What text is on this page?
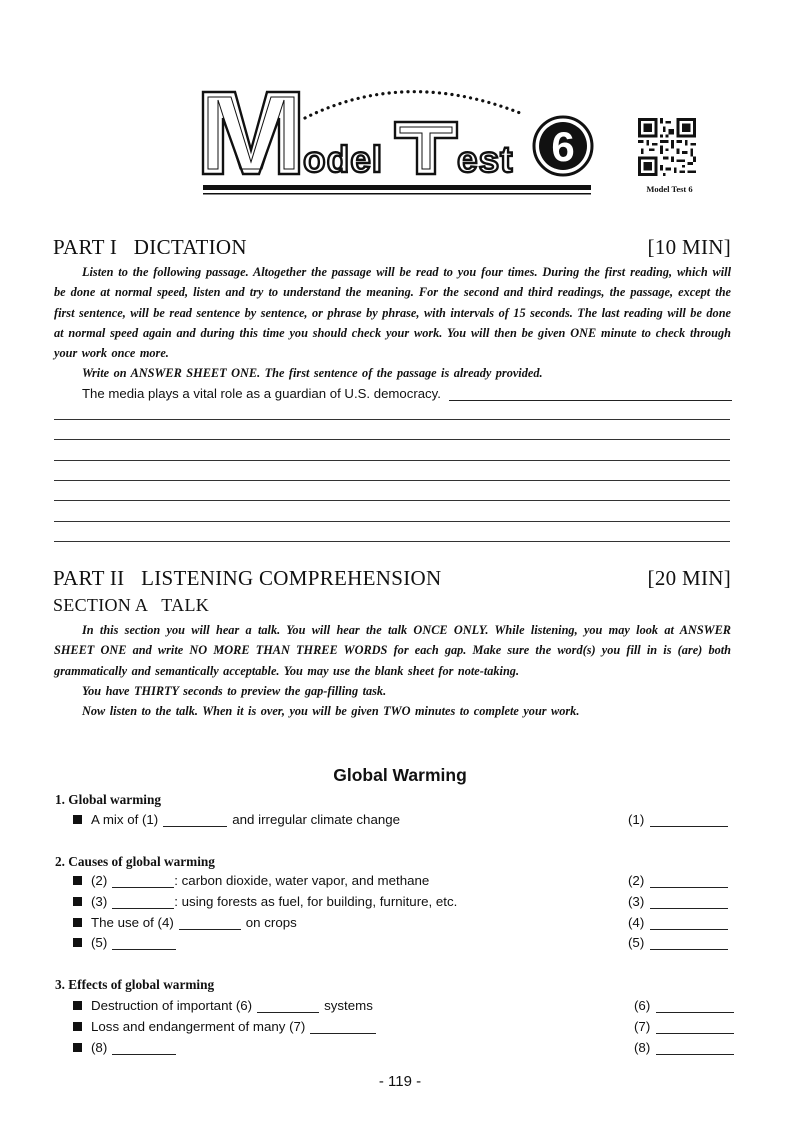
odel est 6
Model Test 6
PART I   DICTATION	[10 MIN]

Listen to the following passage. Altogether the passage will be read to you four times. During the first reading, which will be done at normal speed, listen and try to understand the meaning. For the second and third readings, the passage, except the first sentence, will be read sentence by sentence, or phrase by phrase, with intervals of 15 seconds. The last reading will be done at normal speed again and during this time you should check your work. You will then be given ONE minute to check through your work once more.

Write on ANSWER SHEET ONE. The first sentence of the passage is already provided.

The media plays a vital role as a guardian of U.S. democracy.
PART II   LISTENING COMPREHENSION	[20 MIN]
SECTION A   TALK

In this section you will hear a talk. You will hear the talk ONCE ONLY. While listening, you may look at ANSWER SHEET ONE and write NO MORE THAN THREE WORDS for each gap. Make sure the word(s) you fill in is (are) both grammatically and semantically acceptable. You may use the blank sheet for note-taking.

You have THIRTY seconds to preview the gap-filling task.

Now listen to the talk. When it is over, you will be given TWO minutes to complete your work.

Global Warming
1. Global warming
A mix of (1)	and irregular climate change	(1)
2. Causes of global warming
(2)	: carbon dioxide, water vapor, and methane	(2)
(3)	: using forests as fuel, for building, furniture, etc.	(3)
The use of (4)	on crops	(4)
(5)	(5)
3. Effects of global warming
Destruction of important (6)	systems	(6)
Loss and endangerment of many (7)	(7)
(8)	(8)
- 119 -
